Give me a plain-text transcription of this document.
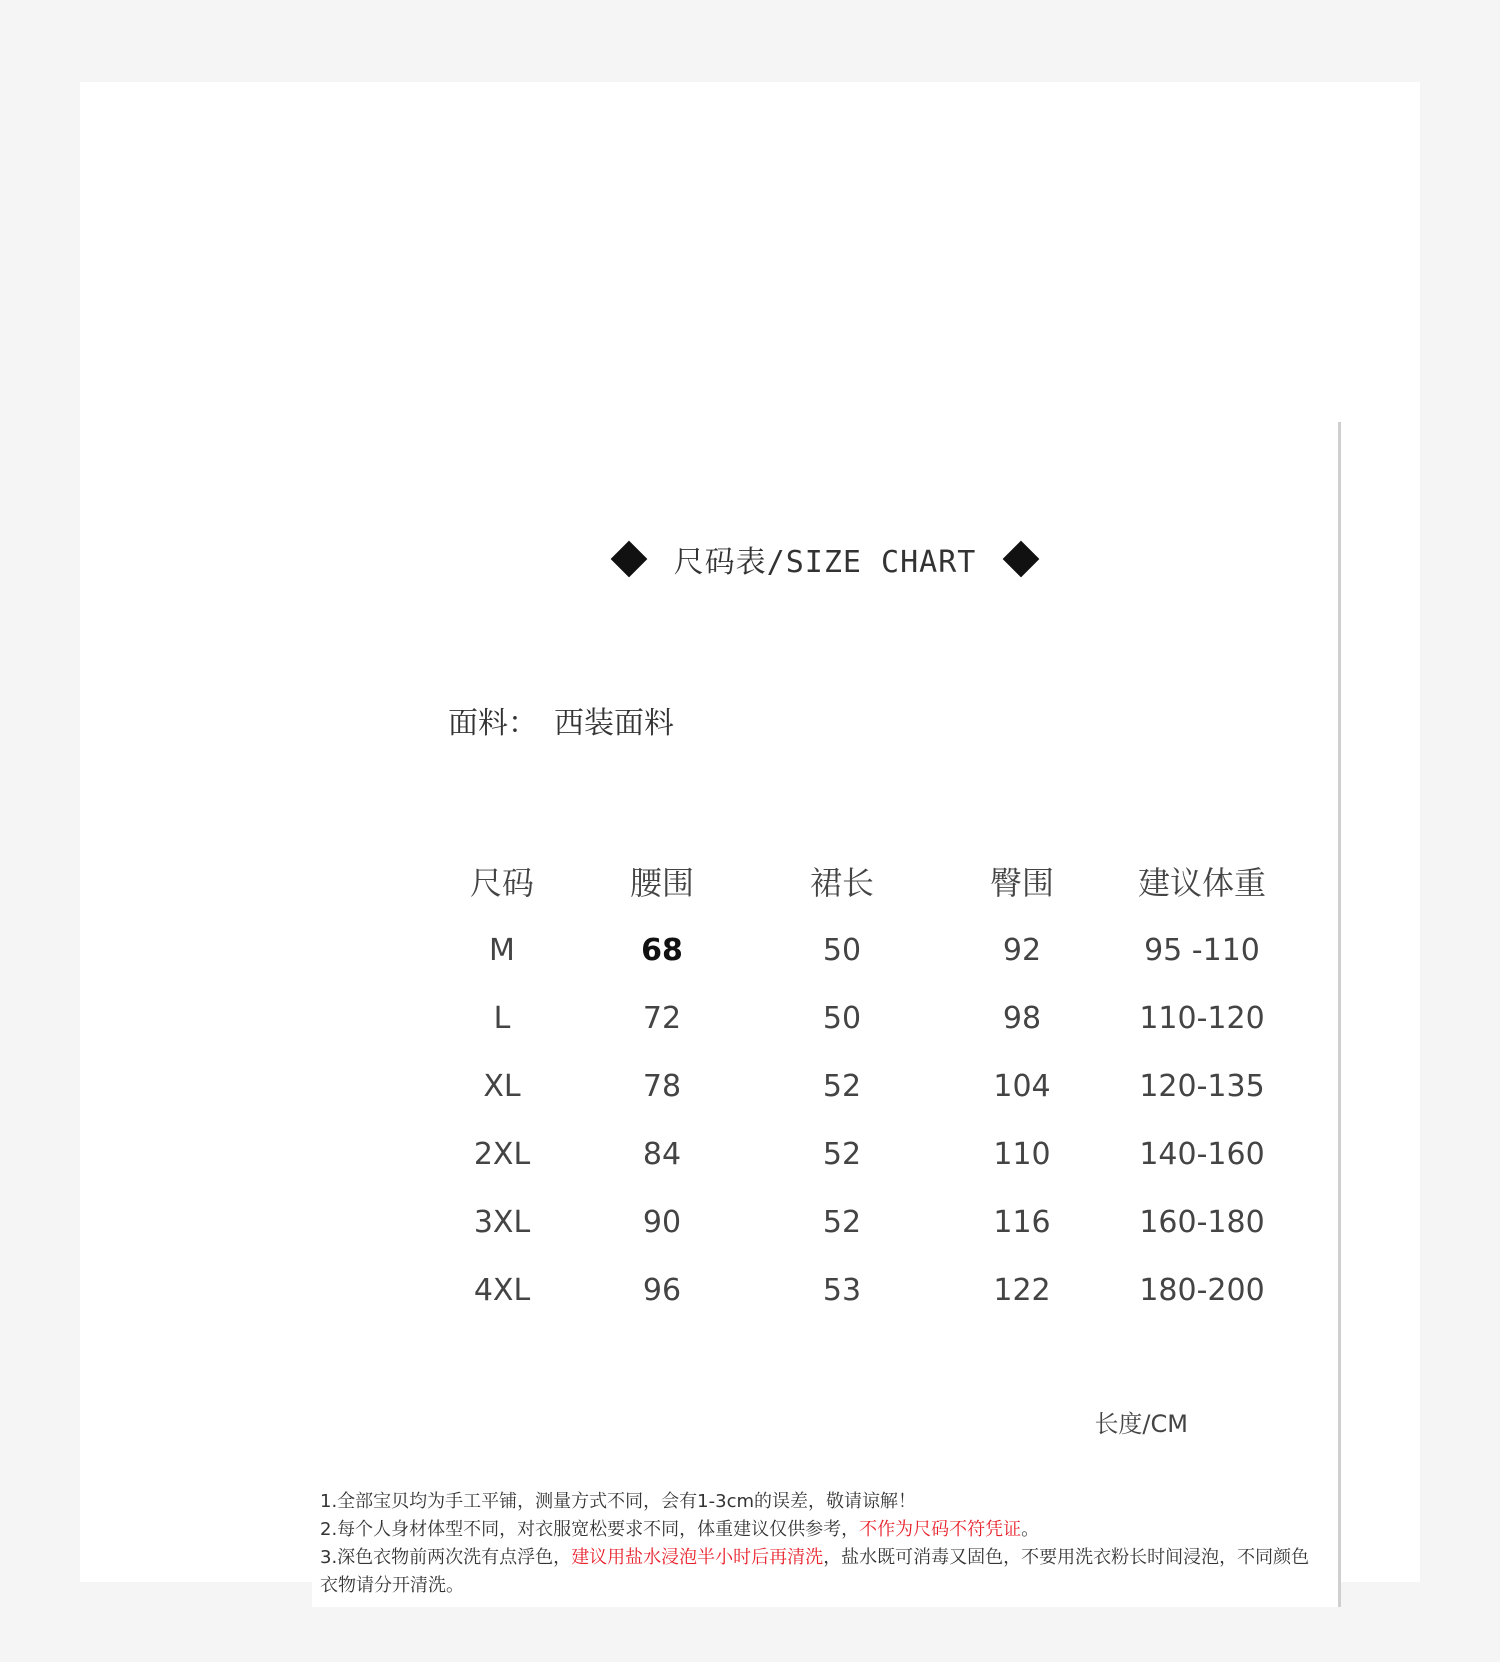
尺码表/SIZE CHART
面料： 西装面料
尺码	腰围	裙长	臀围	建议体重
M	68	50	92	95 -110
L	72	50	98	110-120
XL	78	52	104	120-135
2XL	84	52	110	140-160
3XL	90	52	116	160-180
4XL	96	53	122	180-200
长度/CM

1.全部宝贝均为手工平铺，测量方式不同，会有1-3cm的误差，敬请谅解！

2.每个人身材体型不同，对衣服宽松要求不同，体重建议仅供参考，不作为尺码不符凭证。

3.深色衣物前两次洗有点浮色，建议用盐水浸泡半小时后再清洗，盐水既可消毒又固色，不要用洗衣粉长时间浸泡，不同颜色衣物请分开清洗。
